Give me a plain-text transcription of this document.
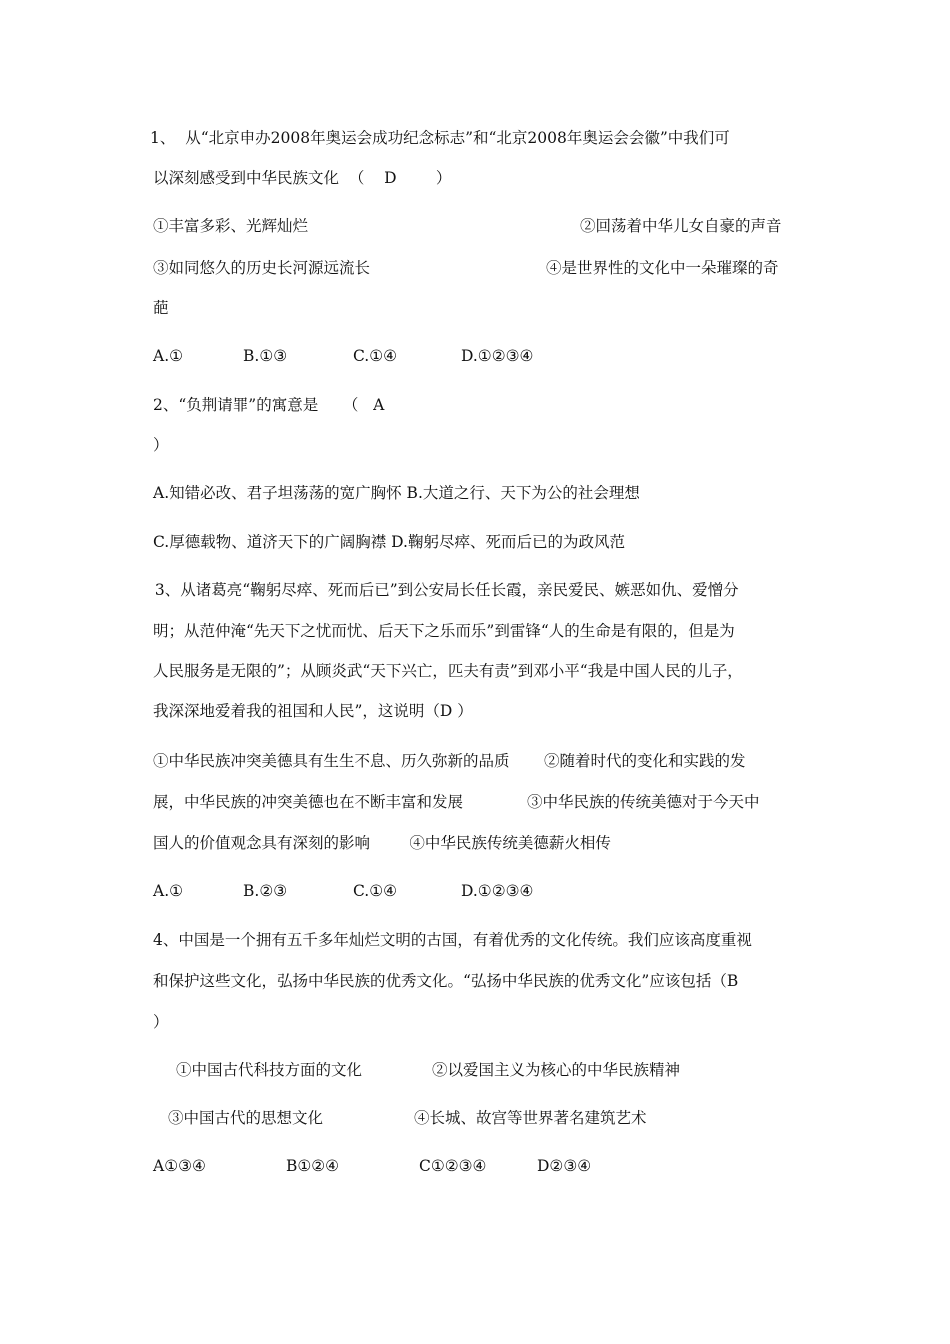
1、  从“北京申办2008年奥运会成功纪念标志”和“北京2008年奥运会会徽”中我们可
以深刻感受到中华民族文化  （    D        ）
①丰富多彩、光辉灿烂	②回荡着中华儿女自豪的声音
③如同悠久的历史长河源远流长	④是世界性的文化中一朵璀璨的奇
葩
A.①	B.①③	C.①④	D.①②③④
2、“负荆请罪”的寓意是     （   A
）
A.知错必改、君子坦荡荡的宽广胸怀 B.大道之行、天下为公的社会理想
C.厚德载物、道济天下的广阔胸襟 D.鞠躬尽瘁、死而后已的为政风范
3、从诸葛亮“鞠躬尽瘁、死而后已”到公安局长任长霞，亲民爱民、嫉恶如仇、爱憎分
明；从范仲淹“先天下之忧而忧、后天下之乐而乐”到雷锋“人的生命是有限的，但是为
人民服务是无限的”；从顾炎武“天下兴亡，匹夫有责”到邓小平“我是中国人民的儿子，
我深深地爱着我的祖国和人民”，这说明（D ）
①中华民族冲突美德具有生生不息、历久弥新的品质       ②随着时代的变化和实践的发
展，中华民族的冲突美德也在不断丰富和发展             ③中华民族的传统美德对于今天中
国人的价值观念具有深刻的影响        ④中华民族传统美德薪火相传
A.①	B.②③	C.①④	D.①②③④
4、中国是一个拥有五千多年灿烂文明的古国，有着优秀的文化传统。我们应该高度重视
和保护这些文化，弘扬中华民族的优秀文化。“弘扬中华民族的优秀文化”应该包括（B
）
①中国古代科技方面的文化	②以爱国主义为核心的中华民族精神
③中国古代的思想文化	④长城、故宫等世界著名建筑艺术
A①③④	B①②④	C①②③④	D②③④
